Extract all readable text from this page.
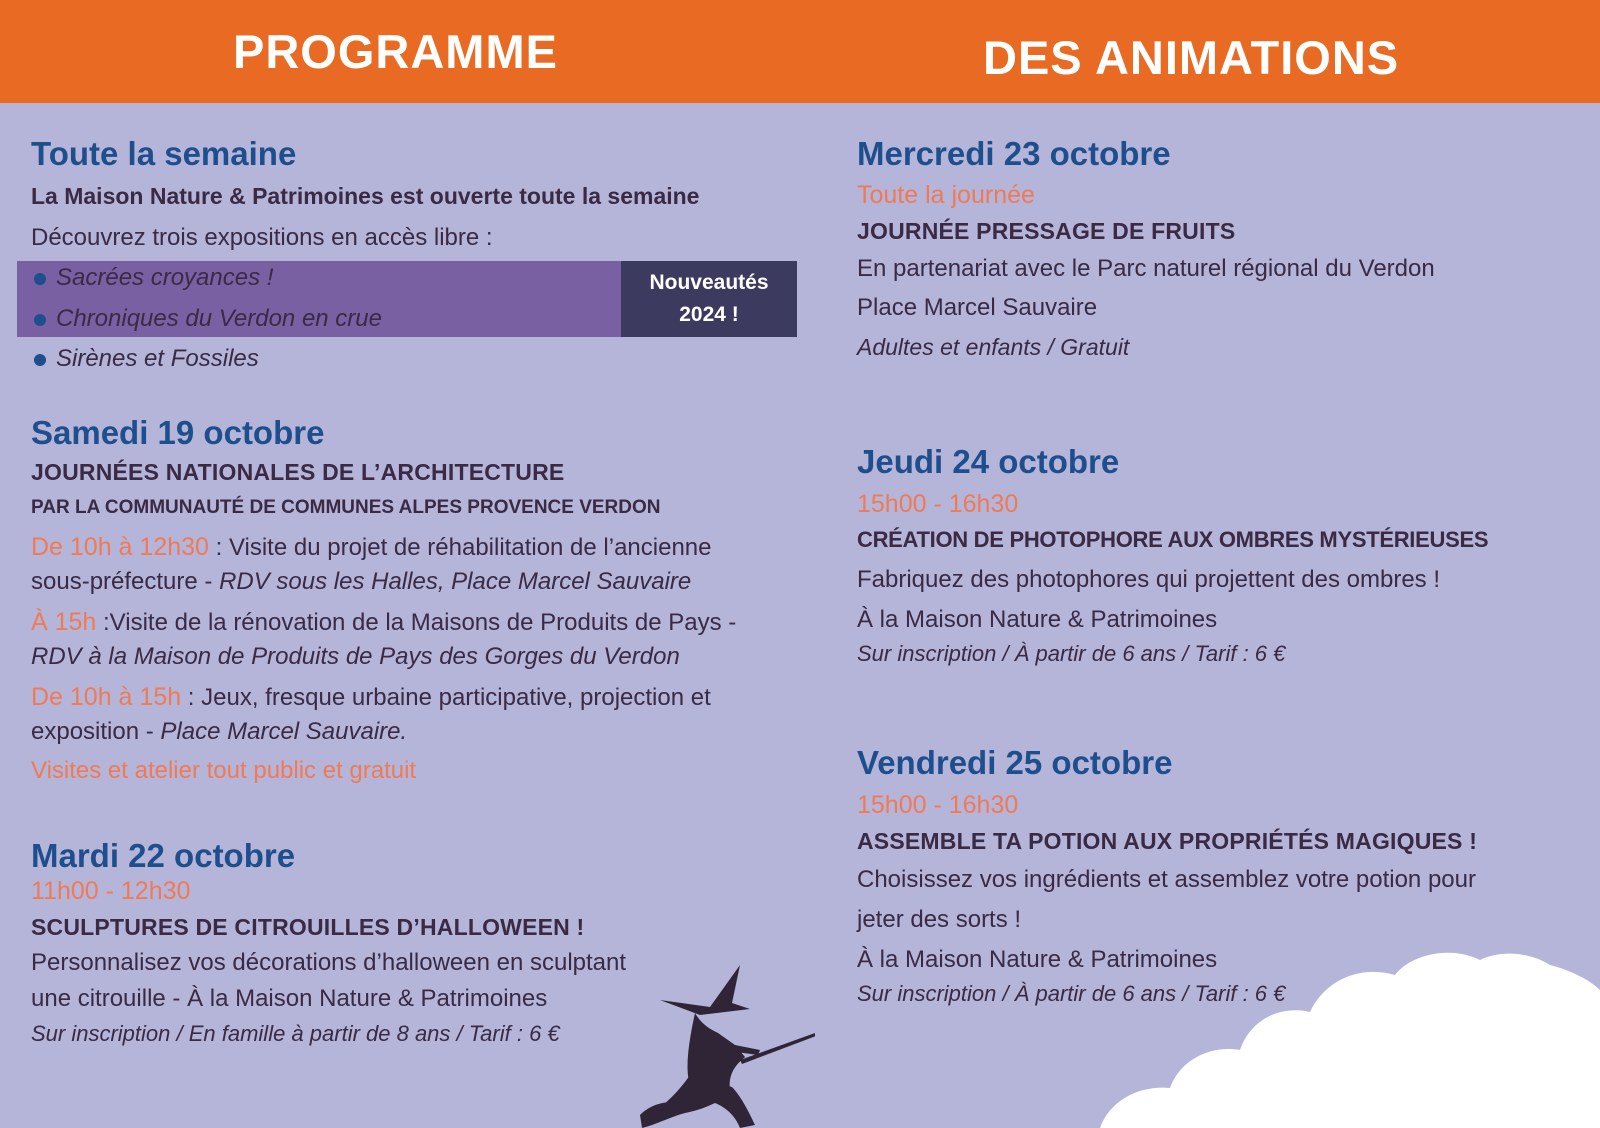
PROGRAMME	DES ANIMATIONS
Nouveautés
2024 !
Toute la semaine
La Maison Nature & Patrimoines est ouverte toute la semaine
Découvrez trois expositions en accès libre :
Sacrées croyances !
Chroniques du Verdon en crue
Sirènes et Fossiles
Samedi 19 octobre
JOURNÉES NATIONALES DE L’ARCHITECTURE
PAR LA COMMUNAUTÉ DE COMMUNES ALPES PROVENCE VERDON
De 10h à 12h30 : Visite du projet de réhabilitation de l’ancienne
sous-préfecture - RDV sous les Halles, Place Marcel Sauvaire
À 15h :Visite de la rénovation de la Maisons de Produits de Pays -
RDV à la Maison de Produits de Pays des Gorges du Verdon
De 10h à 15h : Jeux, fresque urbaine participative, projection et
exposition - Place Marcel Sauvaire.
Visites et atelier tout public et gratuit
Mardi 22 octobre
11h00 - 12h30
SCULPTURES DE CITROUILLES D’HALLOWEEN !
Personnalisez vos décorations d’halloween en sculptant
une citrouille - À la Maison Nature & Patrimoines
Sur inscription / En famille à partir de 8 ans / Tarif : 6 €
Mercredi 23 octobre
Toute la journée
JOURNÉE PRESSAGE DE FRUITS
En partenariat avec le Parc naturel régional du Verdon
Place Marcel Sauvaire
Adultes et enfants / Gratuit
Jeudi 24 octobre
15h00 - 16h30
CRÉATION DE PHOTOPHORE AUX OMBRES MYSTÉRIEUSES
Fabriquez des photophores qui projettent des ombres !
À la Maison Nature & Patrimoines
Sur inscription / À partir de 6 ans / Tarif : 6 €
Vendredi 25 octobre
15h00 - 16h30
ASSEMBLE TA POTION AUX PROPRIÉTÉS MAGIQUES !
Choisissez vos ingrédients et assemblez votre potion pour
jeter des sorts !
À la Maison Nature & Patrimoines
Sur inscription / À partir de 6 ans / Tarif : 6 €
